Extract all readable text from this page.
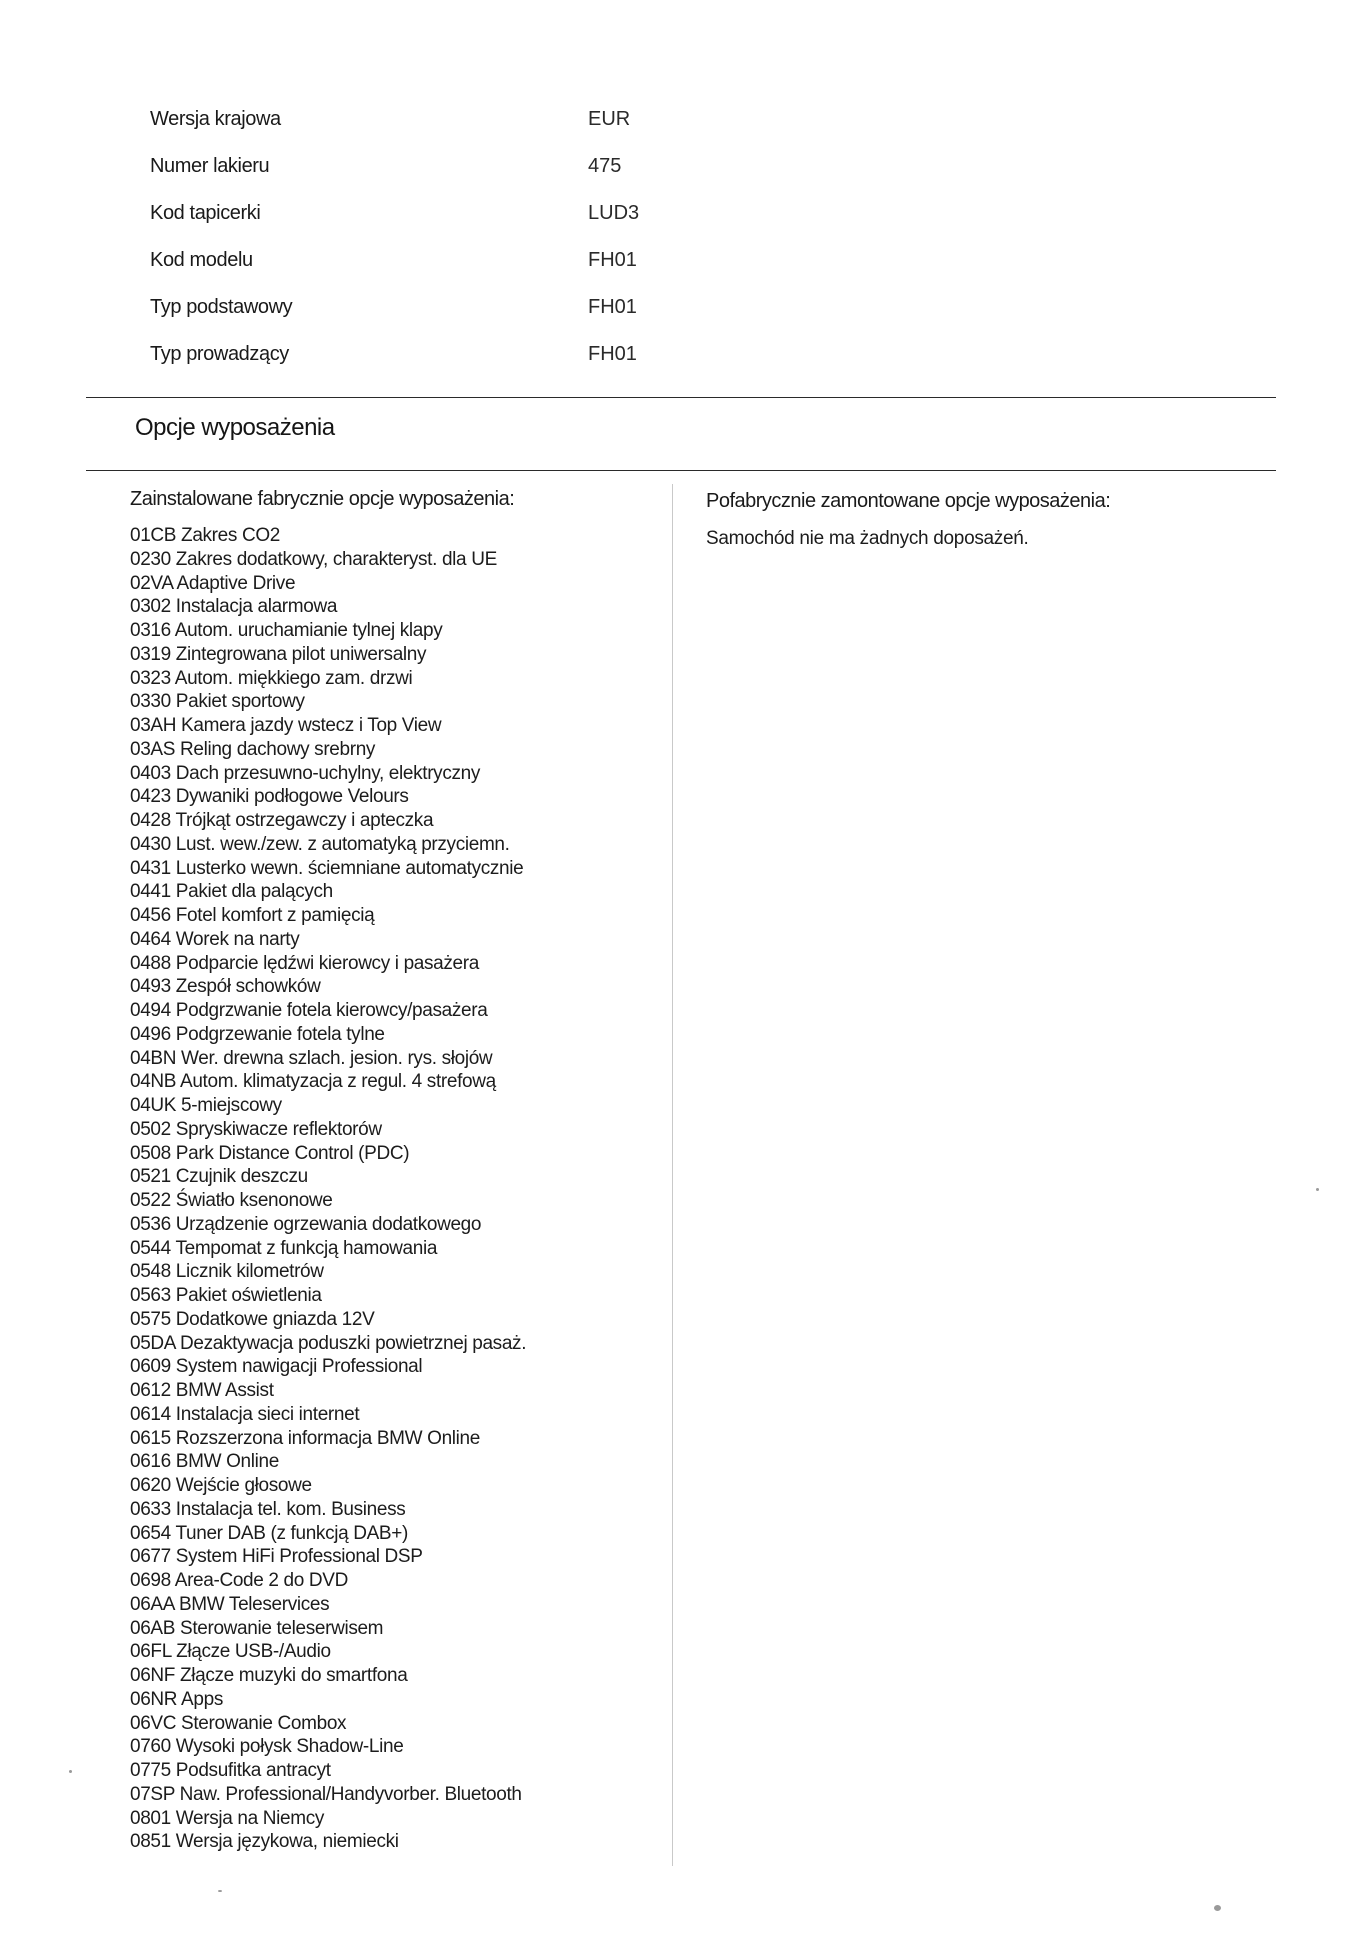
Wersja krajowa	EUR
Numer lakieru	475
Kod tapicerki	LUD3
Kod modelu	FH01
Typ podstawowy	FH01
Typ prowadzący	FH01
Opcje wyposażenia
Zainstalowane fabrycznie opcje wyposażenia:
01CB Zakres CO2
0230 Zakres dodatkowy, charakteryst. dla UE
02VA Adaptive Drive
0302 Instalacja alarmowa
0316 Autom. uruchamianie tylnej klapy
0319 Zintegrowana pilot uniwersalny
0323 Autom. miękkiego zam. drzwi
0330 Pakiet sportowy
03AH Kamera jazdy wstecz i Top View
03AS Reling dachowy srebrny
0403 Dach przesuwno-uchylny, elektryczny
0423 Dywaniki podłogowe Velours
0428 Trójkąt ostrzegawczy i apteczka
0430 Lust. wew./zew. z automatyką przyciemn.
0431 Lusterko wewn. ściemniane automatycznie
0441 Pakiet dla palących
0456 Fotel komfort z pamięcią
0464 Worek na narty
0488 Podparcie lędźwi kierowcy i pasażera
0493 Zespół schowków
0494 Podgrzwanie fotela kierowcy/pasażera
0496 Podgrzewanie fotela tylne
04BN Wer. drewna szlach. jesion. rys. słojów
04NB Autom. klimatyzacja z regul. 4 strefową
04UK 5-miejscowy
0502 Spryskiwacze reflektorów
0508 Park Distance Control (PDC)
0521 Czujnik deszczu
0522 Światło ksenonowe
0536 Urządzenie ogrzewania dodatkowego
0544 Tempomat z funkcją hamowania
0548 Licznik kilometrów
0563 Pakiet oświetlenia
0575 Dodatkowe gniazda 12V
05DA Dezaktywacja poduszki powietrznej pasaż.
0609 System nawigacji Professional
0612 BMW Assist
0614 Instalacja sieci internet
0615 Rozszerzona informacja BMW Online
0616 BMW Online
0620 Wejście głosowe
0633 Instalacja tel. kom. Business
0654 Tuner DAB (z funkcją DAB+)
0677 System HiFi Professional DSP
0698 Area-Code 2 do DVD
06AA BMW Teleservices
06AB Sterowanie teleserwisem
06FL Złącze USB-/Audio
06NF Złącze muzyki do smartfona
06NR Apps
06VC Sterowanie Combox
0760 Wysoki połysk Shadow-Line
0775 Podsufitka antracyt
07SP Naw. Professional/Handyvorber. Bluetooth
0801 Wersja na Niemcy
0851 Wersja językowa, niemiecki
Pofabrycznie zamontowane opcje wyposażenia:
Samochód nie ma żadnych doposażeń.
